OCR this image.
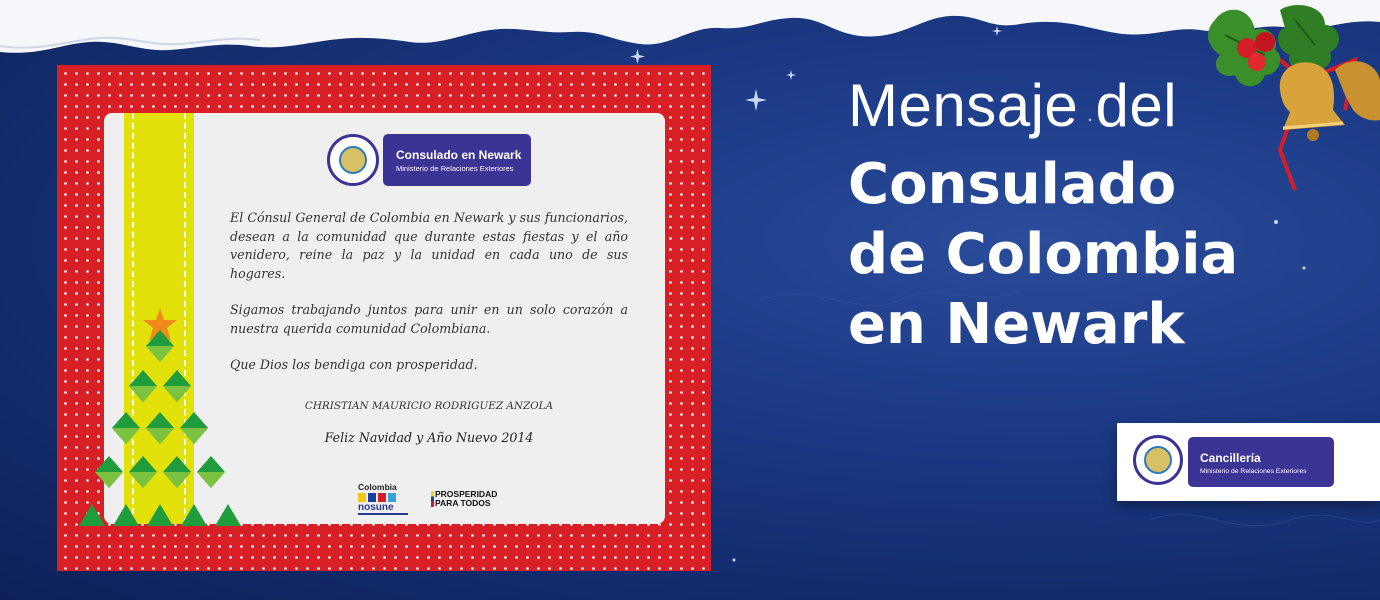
Mensaje del
Consulado
de Colombia
en Newark
Consulado en Newark
Ministerio de Relaciones Exteriores

El Cónsul General de Colombia en Newark y sus funcionarios, desean a la comunidad que durante estas fiestas y el año venidero, reine la paz y la unidad en cada uno de sus hogares.

Sigamos trabajando juntos para unir en un solo corazón a nuestra querida comunidad Colombiana.

Que Dios los bendiga con prosperidad.

CHRISTIAN MAURICIO RODRIGUEZ ANZOLA
Feliz Navidad y Año Nuevo 2014
Colombia
nosune
PROSPERIDAD
PARA TODOS
Cancillería
Ministerio de Relaciones Exteriores
